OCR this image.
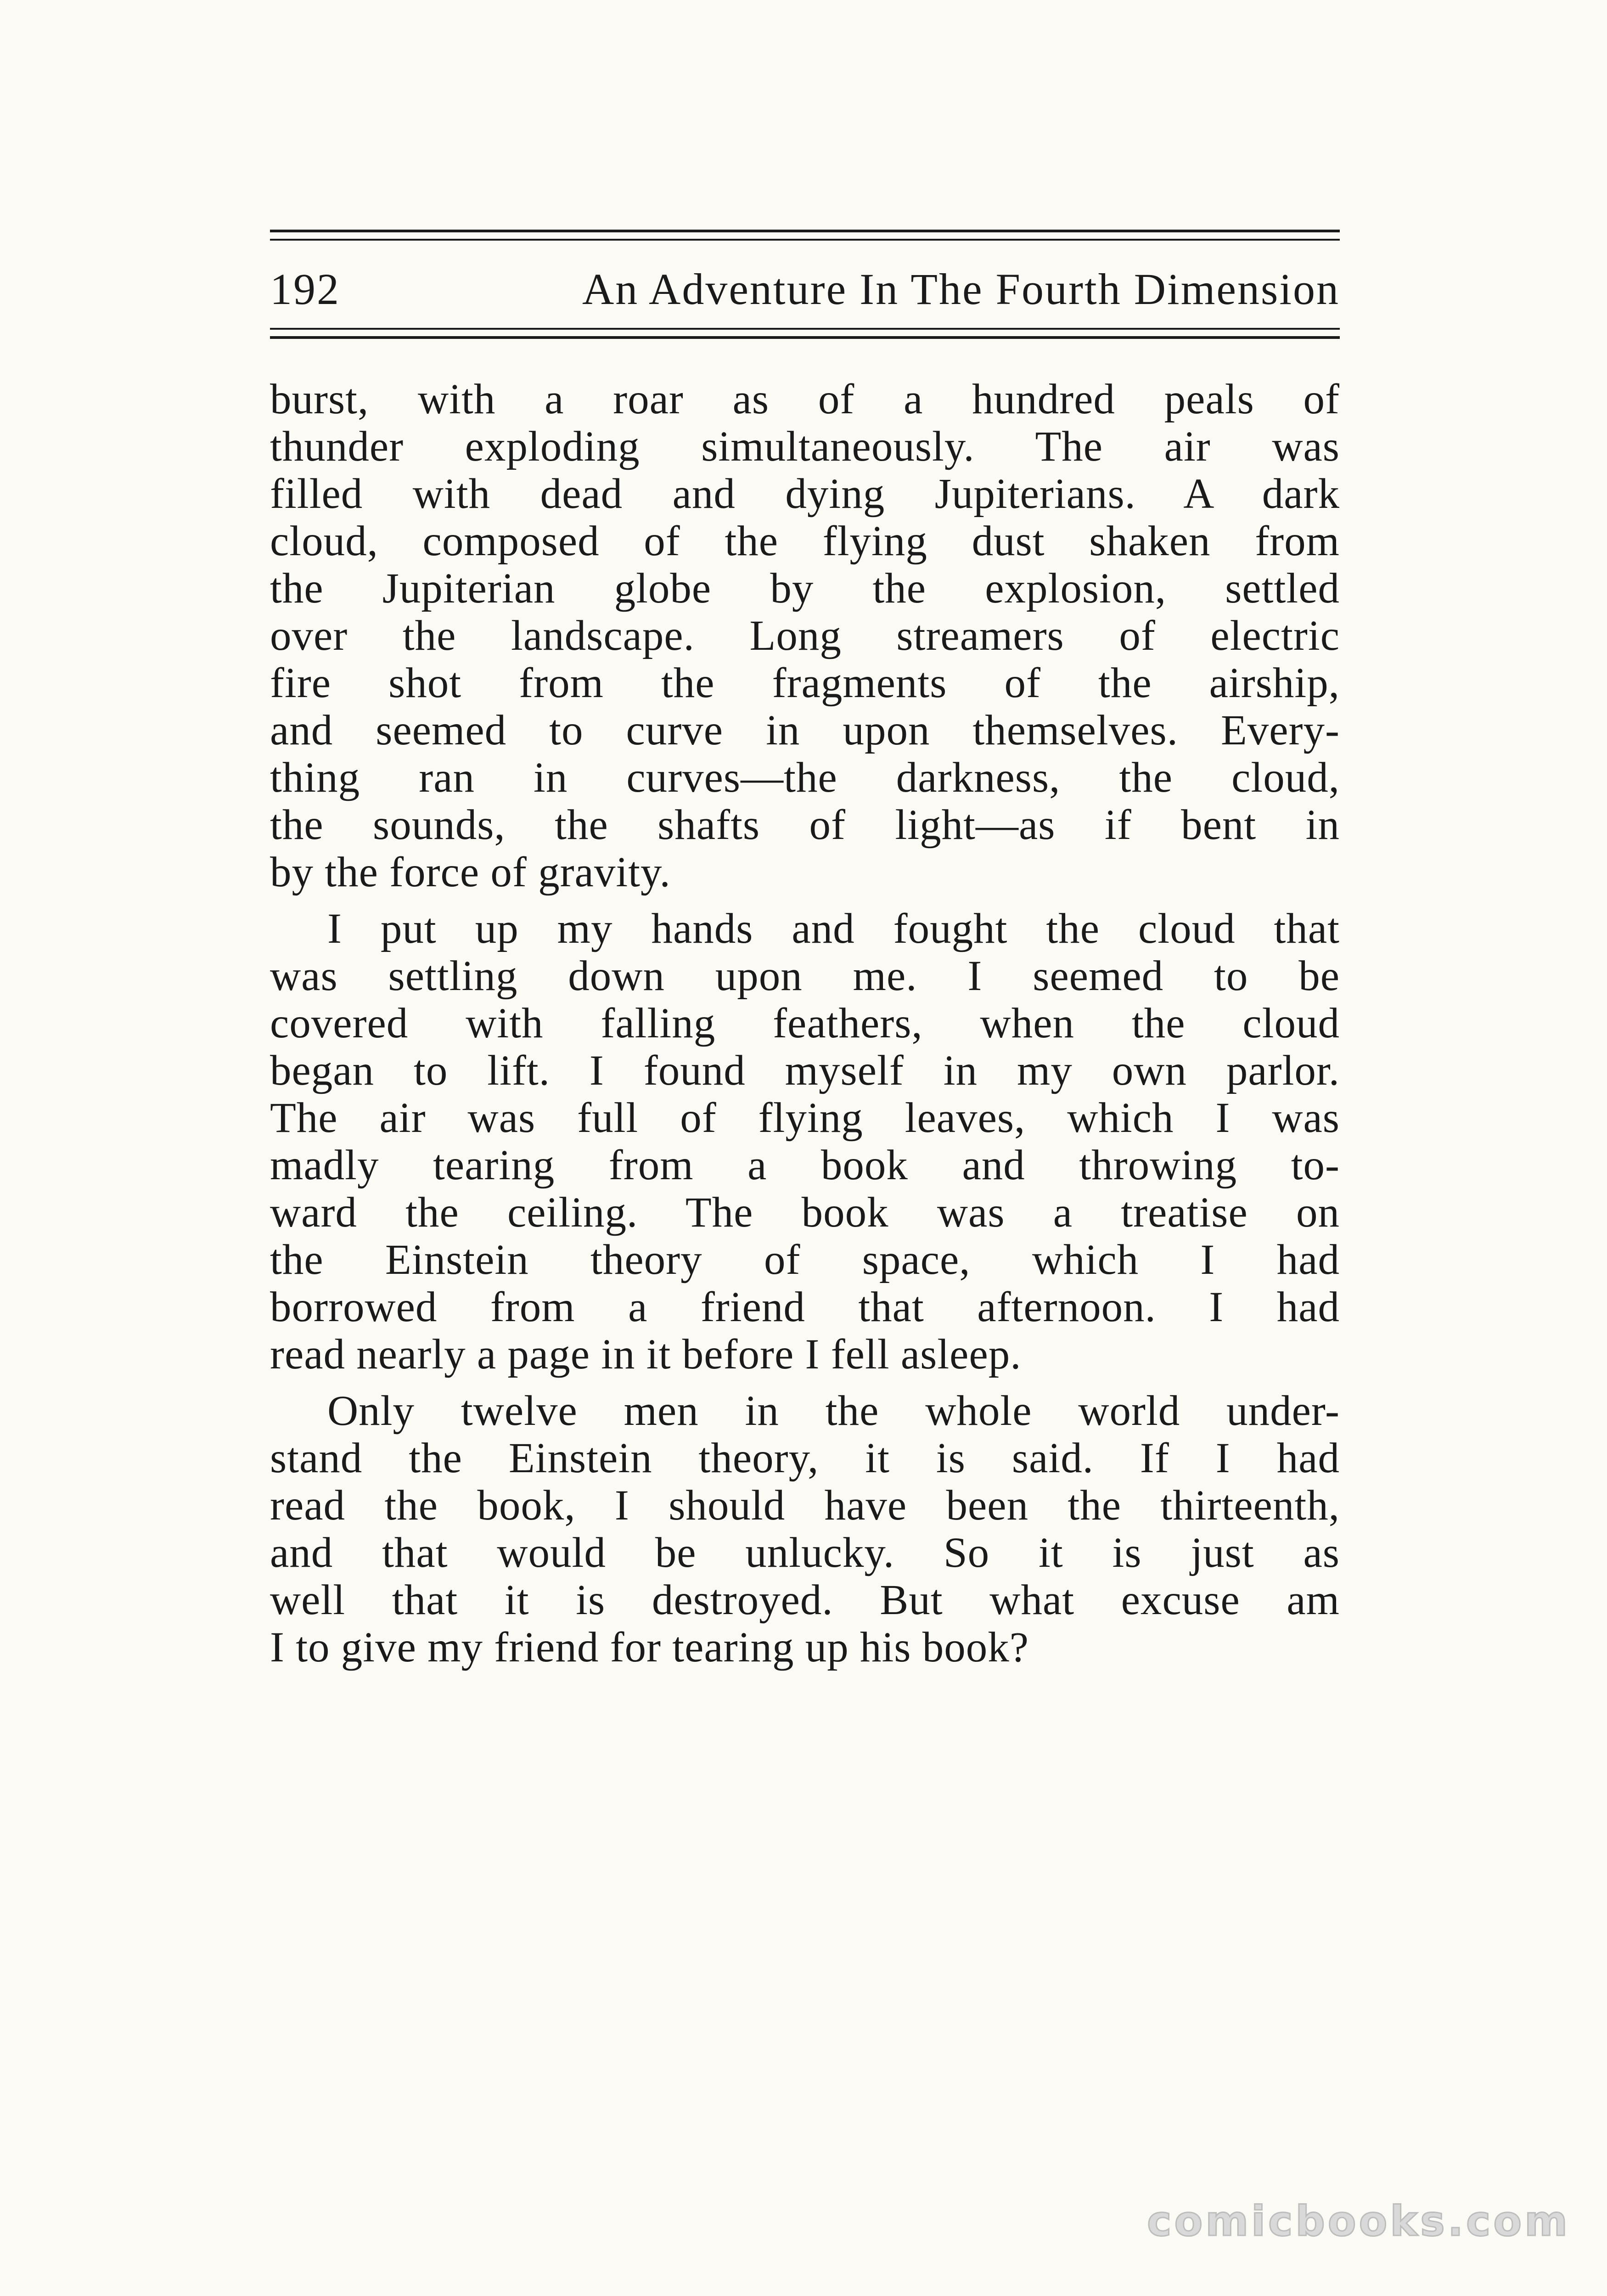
192	An Adventure In The Fourth Dimension

burst, with a roar as of a hundred peals of
thunder exploding simultaneously. The air was
filled with dead and dying Jupiterians. A dark
cloud, composed of the flying dust shaken from
the Jupiterian globe by the explosion, settled
over the landscape. Long streamers of electric
fire shot from the fragments of the airship,
and seemed to curve in upon themselves. Every-
thing ran in curves—the darkness, the cloud,
the sounds, the shafts of light—as if bent in
by the force of gravity.

I put up my hands and fought the cloud that
was settling down upon me. I seemed to be
covered with falling feathers, when the cloud
began to lift. I found myself in my own parlor.
The air was full of flying leaves, which I was
madly tearing from a book and throwing to-
ward the ceiling. The book was a treatise on
the Einstein theory of space, which I had
borrowed from a friend that afternoon. I had
read nearly a page in it before I fell asleep.

Only twelve men in the whole world under-
stand the Einstein theory, it is said. If I had
read the book, I should have been the thirteenth,
and that would be unlucky. So it is just as
well that it is destroyed. But what excuse am
I to give my friend for tearing up his book?

comicbooks.com
